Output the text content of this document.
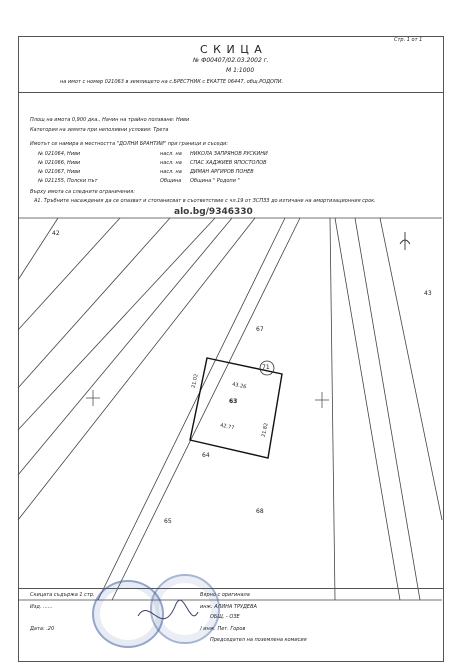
Стр. 1 от 1
С К И Ц А
№ Ф00407/02.03.2002 г.
М 1:1000
на имот с номер 021063 в землището на с.БРЕСТНИК с ЕКАТТЕ 06447, общ.РОДОПИ.
Площ на имота 0,900 дка., Начин на трайно ползване: Ниви
Категория на земята при неполивни условия: Трета
Имотът се намира в местността "ДОЛНИ БРАНТИИ" при граници и съседи:
№ 021064, Ниви	насл. на НИКОЛА ЗАПРЯНОВ РУСКИНИ
№ 021066, Ниви	насл. на СПАС ХАДЖИЕВ ЯПОСТОЛОВ
№ 021067, Ниви	насл. на ДИМАН АРГИРОВ ПОНЕВ
№ 021155, Полски път	Община Община " Родопи "
Върху имота са следните ограничения:
А1. Тръбните насаждения да се опазват и стопанисват в съответствие с чл.19 от ЗСПЗЗ до изтичане на амортизационния срок.
alo.bg/9346330
42
43
67
71
63
64
65
68
43.26
21.02
42.77	21.82
Скицата съдържа 1 стр.	Вярно с оригинала
Изд. ......	инж. АЛИНА ТРУДЕВА
ОБЩ. - ОЗЕ
Дата: .20	/ инж. Пет. Горов
Председател на поземлена комисия
